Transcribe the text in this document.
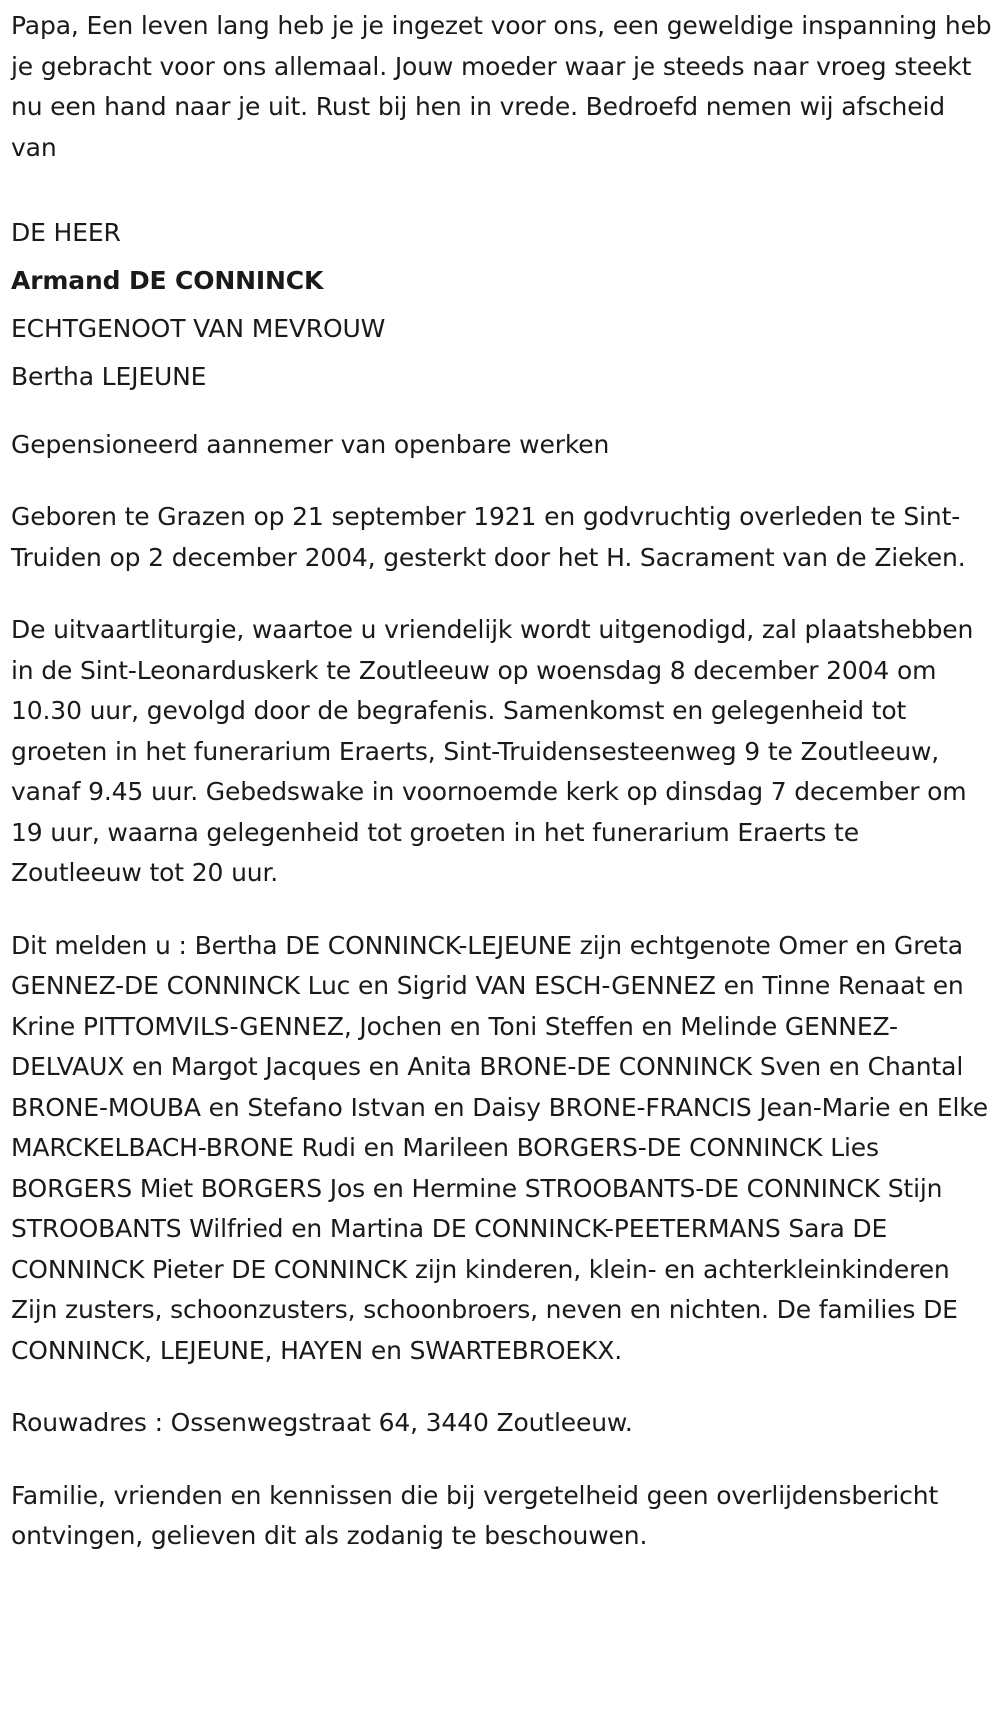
Papa, Een leven lang heb je je ingezet voor ons, een geweldige inspanning heb je gebracht voor ons allemaal. Jouw moeder waar je steeds naar vroeg steekt nu een hand naar je uit. Rust bij hen in vrede. Bedroefd nemen wij afscheid van

DE HEER

Armand DE CONNINCK

ECHTGENOOT VAN MEVROUW

Bertha LEJEUNE

Gepensioneerd aannemer van openbare werken

Geboren te Grazen op 21 september 1921 en godvruchtig overleden te Sint-Truiden op 2 december 2004, gesterkt door het H. Sacrament van de Zieken.

De uitvaartliturgie, waartoe u vriendelijk wordt uitgenodigd, zal plaatshebben in de Sint-Leonarduskerk te Zoutleeuw op woensdag 8 december 2004 om 10.30 uur, gevolgd door de begrafenis. Samenkomst en gelegenheid tot groeten in het funerarium Eraerts, Sint-Truidensesteenweg 9 te Zoutleeuw, vanaf 9.45 uur. Gebedswake in voornoemde kerk op dinsdag 7 december om 19 uur, waarna gelegenheid tot groeten in het funerarium Eraerts te Zoutleeuw tot 20 uur.

Dit melden u : Bertha DE CONNINCK-LEJEUNE zijn echtgenote Omer en Greta GENNEZ-DE CONNINCK Luc en Sigrid VAN ESCH-GENNEZ en Tinne Renaat en Krine PITTOMVILS-GENNEZ, Jochen en Toni Steffen en Melinde GENNEZ-DELVAUX en Margot Jacques en Anita BRONE-DE CONNINCK Sven en Chantal BRONE-MOUBA en Stefano Istvan en Daisy BRONE-FRANCIS Jean-Marie en Elke MARCKELBACH-BRONE Rudi en Marileen BORGERS-DE CONNINCK Lies BORGERS Miet BORGERS Jos en Hermine STROOBANTS-DE CONNINCK Stijn STROOBANTS Wilfried en Martina DE CONNINCK-PEETERMANS Sara DE CONNINCK Pieter DE CONNINCK zijn kinderen, klein- en achterkleinkinderen Zijn zusters, schoonzusters, schoonbroers, neven en nichten. De families DE CONNINCK, LEJEUNE, HAYEN en SWARTEBROEKX.

Rouwadres : Ossenwegstraat 64, 3440 Zoutleeuw.

Familie, vrienden en kennissen die bij vergetelheid geen overlijdensbericht ontvingen, gelieven dit als zodanig te beschouwen.
